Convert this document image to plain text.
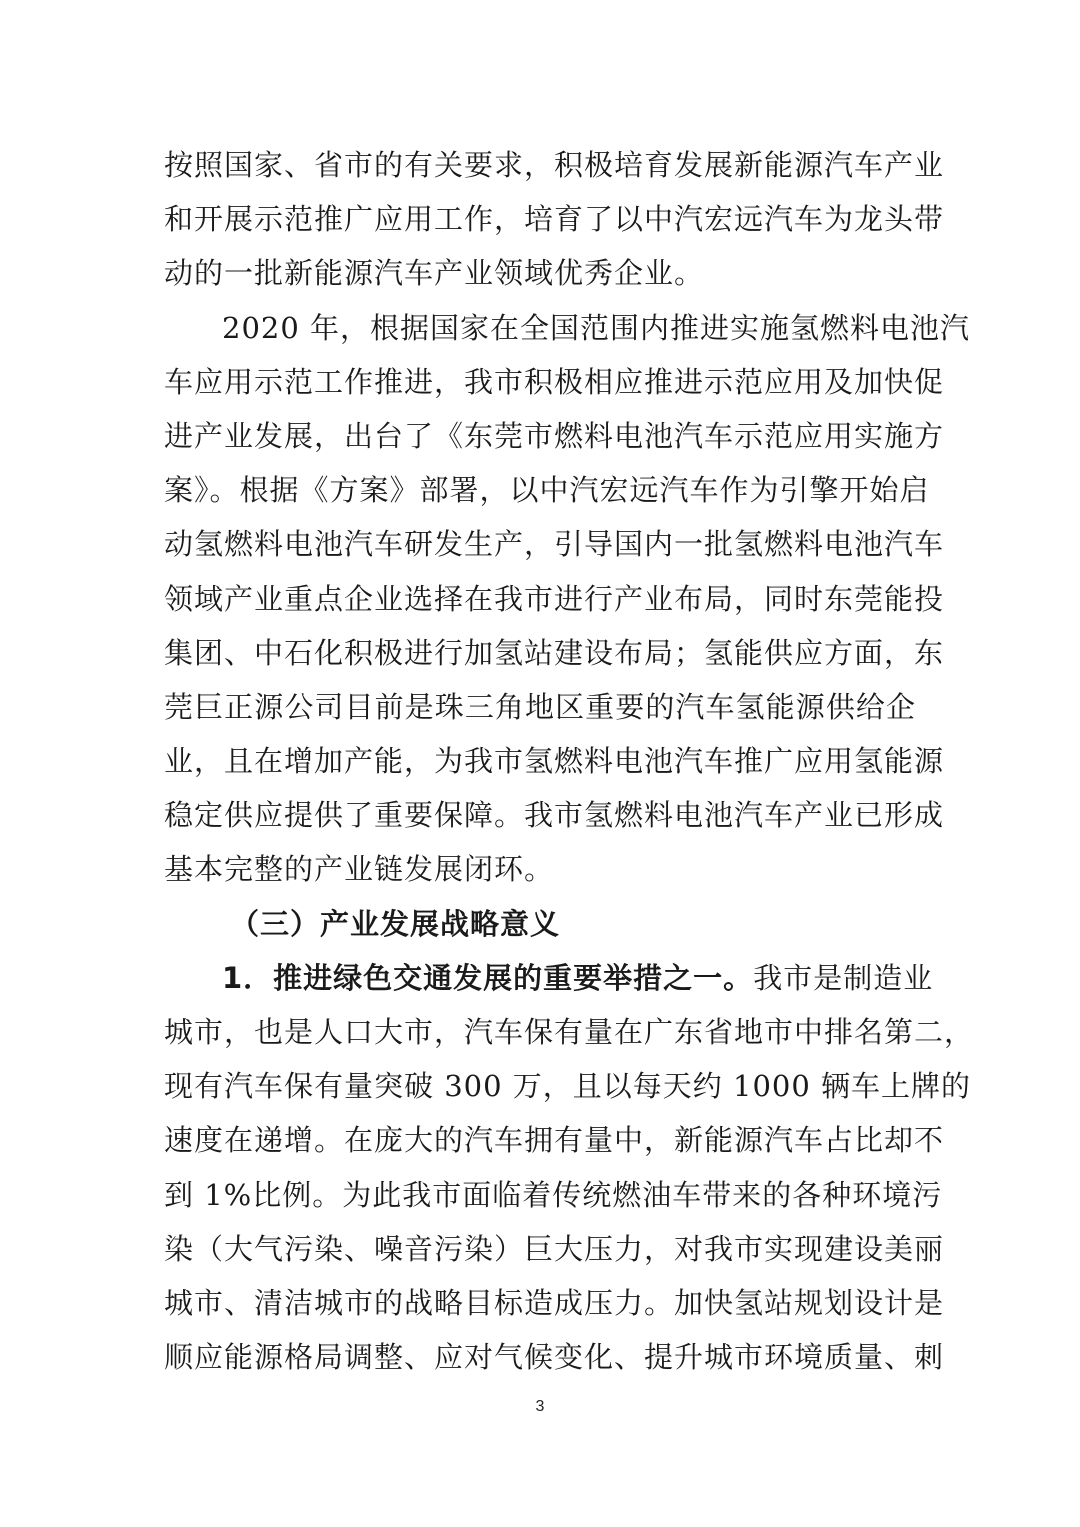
按照国家、省市的有关要求，积极培育发展新能源汽车产业
和开展示范推广应用工作，培育了以中汽宏远汽车为龙头带
动的一批新能源汽车产业领域优秀企业。
2020 年，根据国家在全国范围内推进实施氢燃料电池汽
车应用示范工作推进，我市积极相应推进示范应用及加快促
进产业发展，出台了《东莞市燃料电池汽车示范应用实施方
案》。根据《方案》部署，以中汽宏远汽车作为引擎开始启
动氢燃料电池汽车研发生产，引导国内一批氢燃料电池汽车
领域产业重点企业选择在我市进行产业布局，同时东莞能投
集团、中石化积极进行加氢站建设布局；氢能供应方面，东
莞巨正源公司目前是珠三角地区重要的汽车氢能源供给企
业，且在增加产能，为我市氢燃料电池汽车推广应用氢能源
稳定供应提供了重要保障。我市氢燃料电池汽车产业已形成
基本完整的产业链发展闭环。
（三）产业发展战略意义
1．推进绿色交通发展的重要举措之一。我市是制造业
城市，也是人口大市，汽车保有量在广东省地市中排名第二，
现有汽车保有量突破 300 万，且以每天约 1000 辆车上牌的
速度在递增。在庞大的汽车拥有量中，新能源汽车占比却不
到 1%比例。为此我市面临着传统燃油车带来的各种环境污
染（大气污染、噪音污染）巨大压力，对我市实现建设美丽
城市、清洁城市的战略目标造成压力。加快氢站规划设计是
顺应能源格局调整、应对气候变化、提升城市环境质量、刺
3
